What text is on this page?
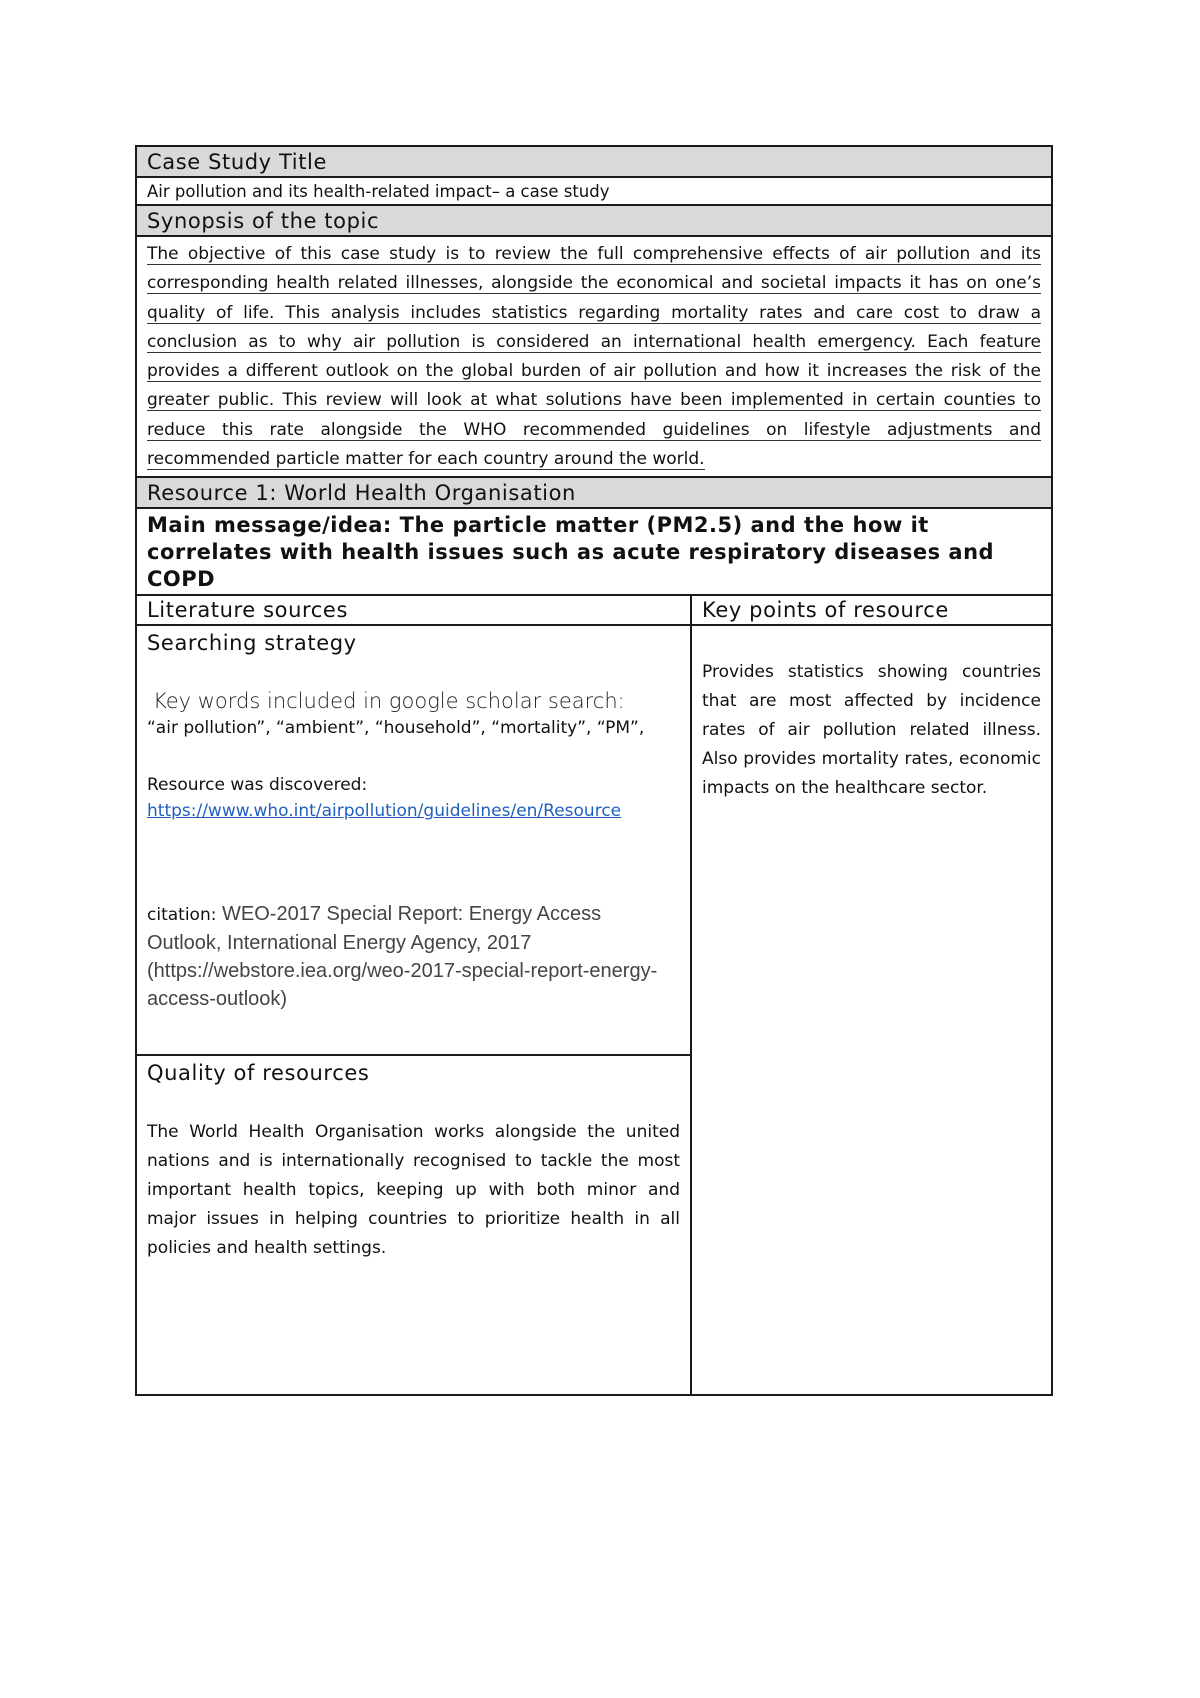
Case Study Title
Air pollution and its health-related impact– a case study
Synopsis of the topic
The objective of this case study is to review the full comprehensive effects of air pollution and its corresponding health related illnesses, alongside the economical and societal impacts it has on one’s quality of life. This analysis includes statistics regarding mortality rates and care cost to draw a conclusion as to why air pollution is considered an international health emergency. Each feature provides a different outlook on the global burden of air pollution and how it increases the risk of the greater public. This review will look at what solutions have been implemented in certain counties to reduce this rate alongside the WHO recommended guidelines on lifestyle adjustments and recommended particle matter for each country around the world.
Resource 1: World Health Organisation
Main message/idea: The particle matter (PM2.5) and the how it correlates with health issues such as acute respiratory diseases and COPD
Literature sources
Searching strategy
Key words included in google scholar search:
“air pollution”, “ambient”, “household”, “mortality”, “PM”,
Resource was discovered:
https://www.who.int/airpollution/guidelines/en/Resource
citation: WEO-2017 Special Report: Energy Access Outlook, International Energy Agency, 2017 (https://webstore.iea.org/weo-2017-special-report-energy-access-outlook)
Quality of resources
The World Health Organisation works alongside the united nations and is internationally recognised to tackle the most important health topics, keeping up with both minor and major issues in helping countries to prioritize health in all policies and health settings.
Key points of resource
Provides statistics showing countries that are most affected by incidence rates of air pollution related illness. Also provides mortality rates, economic impacts on the healthcare sector.
